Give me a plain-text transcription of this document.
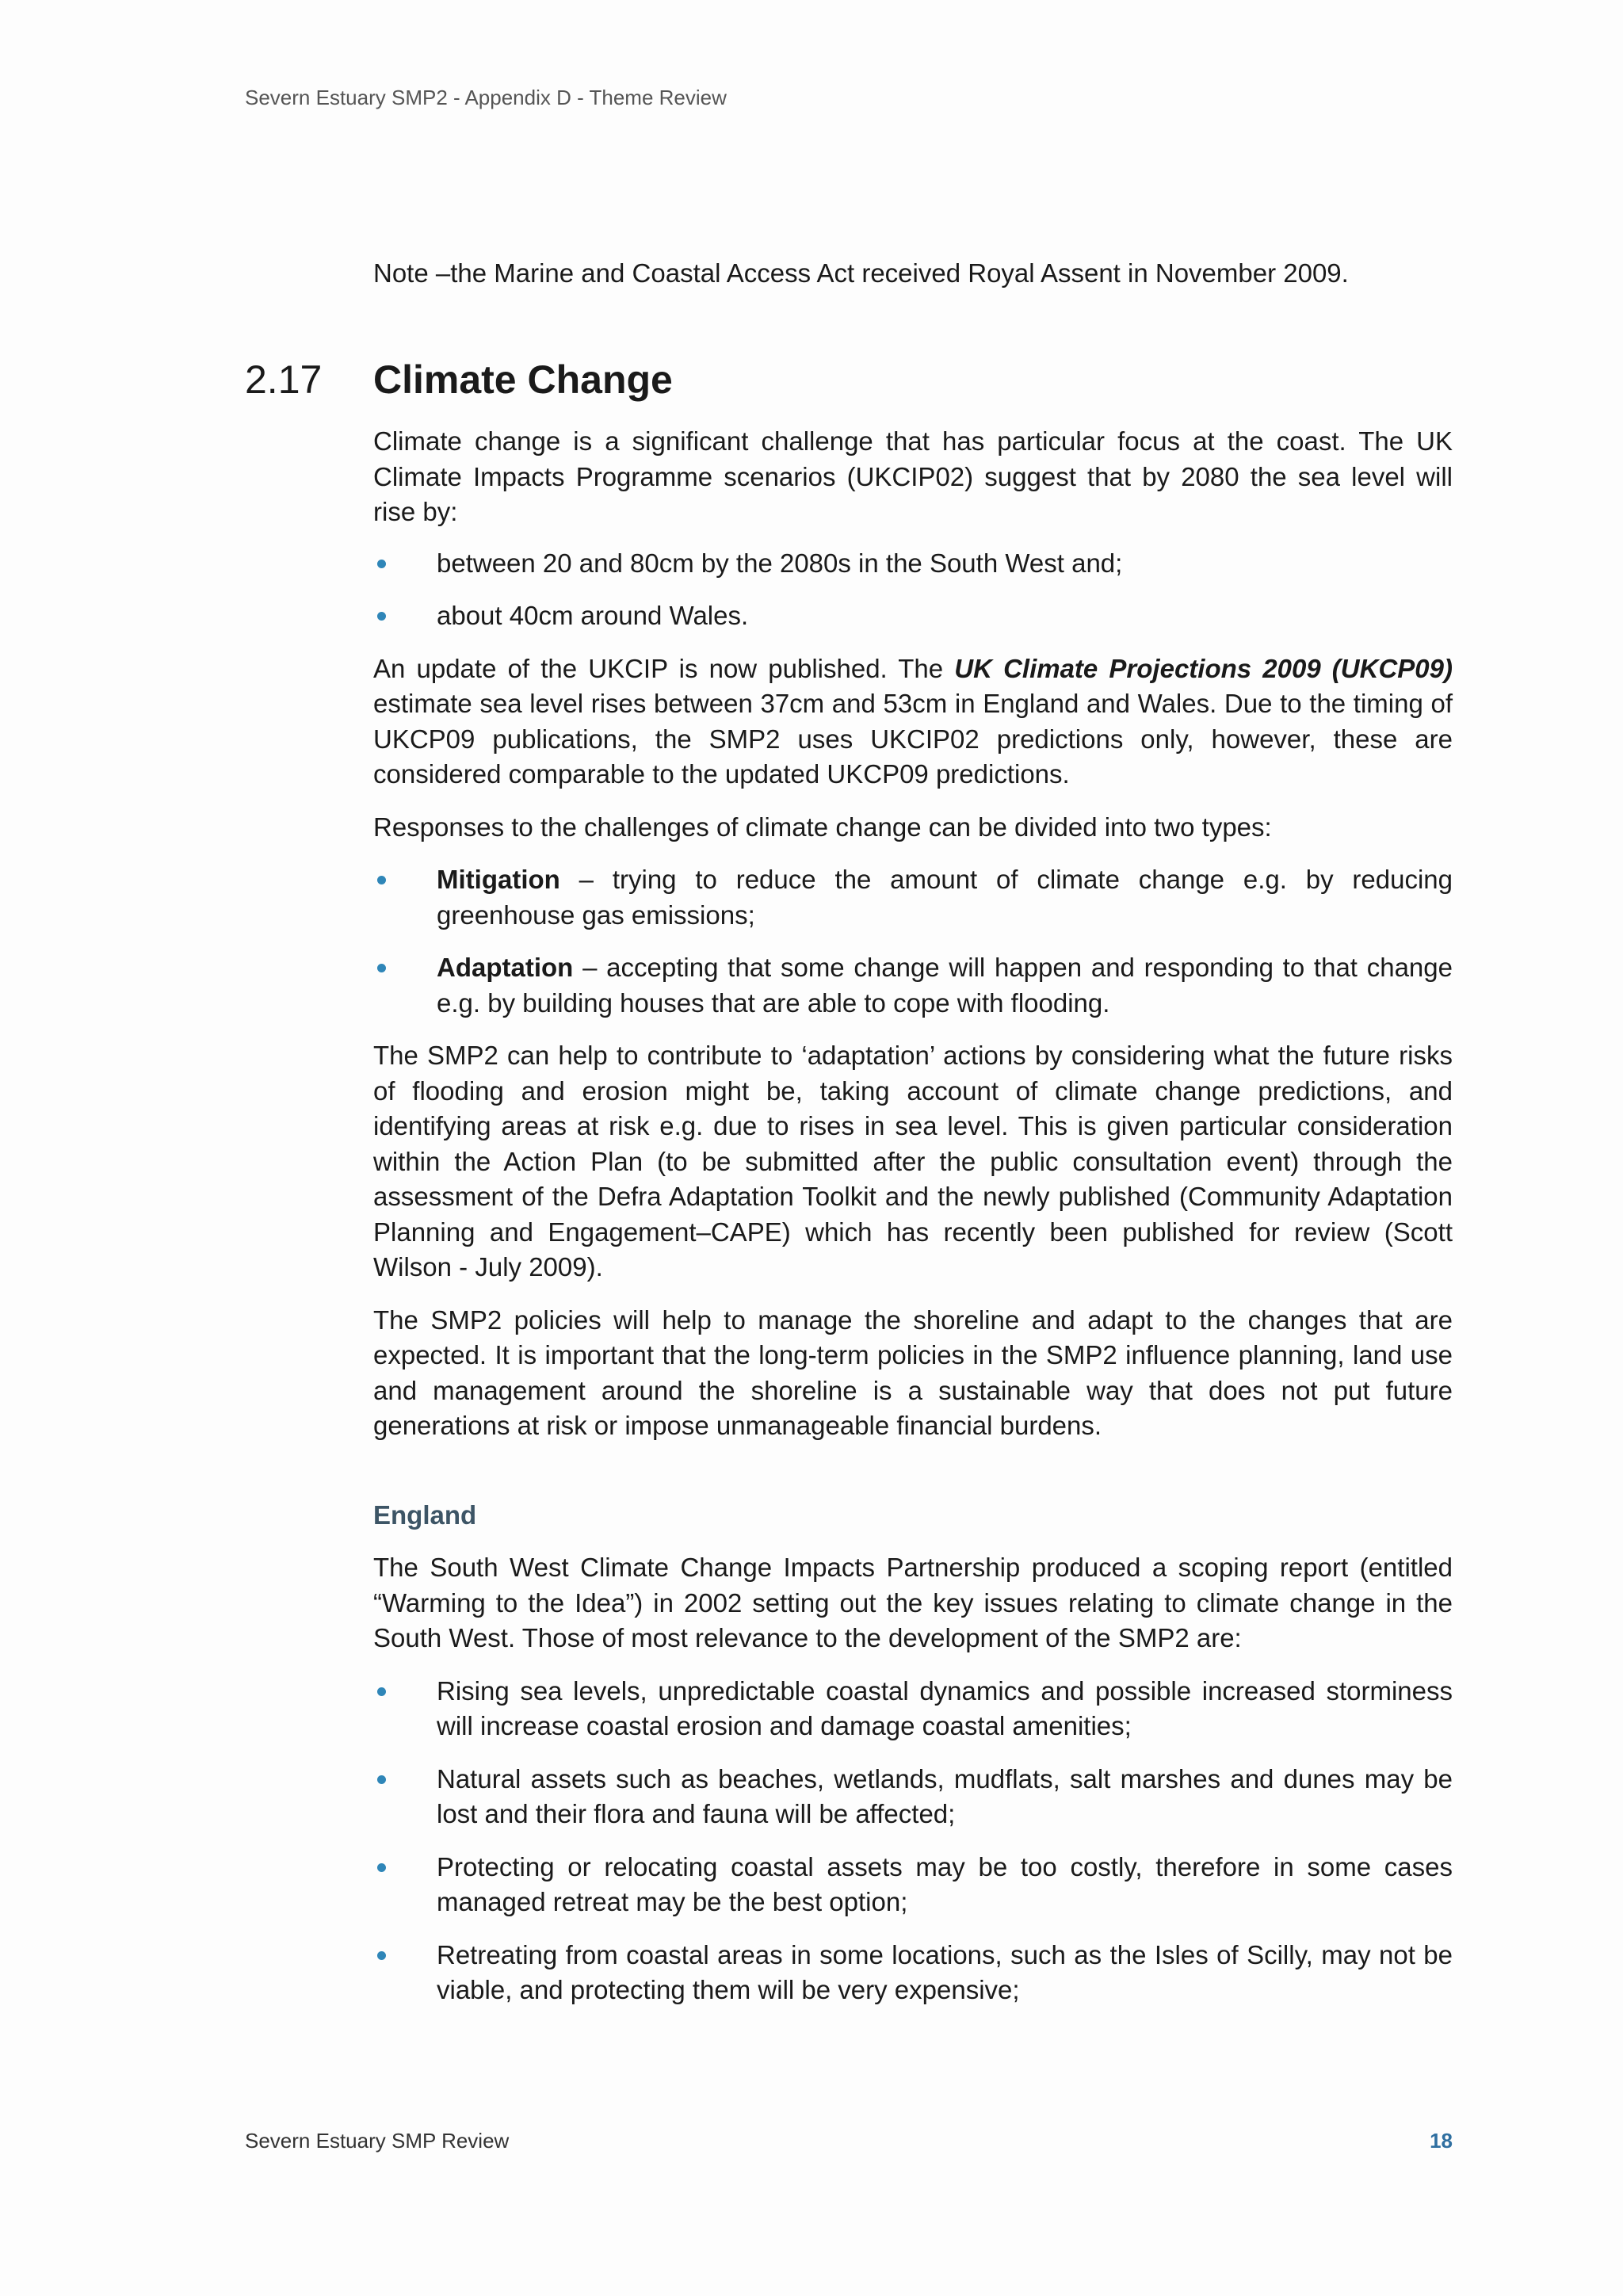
Severn Estuary SMP2 - Appendix D - Theme Review

Note –the Marine and Coastal Access Act received Royal Assent in November 2009.

2.17 Climate Change

Climate change is a significant challenge that has particular focus at the coast. The UK Climate Impacts Programme scenarios (UKCIP02) suggest that by 2080 the sea level will rise by:

between 20 and 80cm by the 2080s in the South West and;
about 40cm around Wales.

An update of the UKCIP is now published. The UK Climate Projections 2009 (UKCP09) estimate sea level rises between 37cm and 53cm in England and Wales. Due to the timing of UKCP09 publications, the SMP2 uses UKCIP02 predictions only, however, these are considered comparable to the updated UKCP09 predictions.

Responses to the challenges of climate change can be divided into two types:

Mitigation – trying to reduce the amount of climate change e.g. by reducing greenhouse gas emissions;
Adaptation – accepting that some change will happen and responding to that change e.g. by building houses that are able to cope with flooding.

The SMP2 can help to contribute to ‘adaptation’ actions by considering what the future risks of flooding and erosion might be, taking account of climate change predictions, and identifying areas at risk e.g. due to rises in sea level. This is given particular consideration within the Action Plan (to be submitted after the public consultation event) through the assessment of the Defra Adaptation Toolkit and the newly published (Community Adaptation Planning and Engagement–CAPE) which has recently been published for review (Scott Wilson - July 2009).

The SMP2 policies will help to manage the shoreline and adapt to the changes that are expected. It is important that the long-term policies in the SMP2 influence planning, land use and management around the shoreline is a sustainable way that does not put future generations at risk or impose unmanageable financial burdens.

England

The South West Climate Change Impacts Partnership produced a scoping report (entitled “Warming to the Idea”) in 2002 setting out the key issues relating to climate change in the South West. Those of most relevance to the development of the SMP2 are:

Rising sea levels, unpredictable coastal dynamics and possible increased storminess will increase coastal erosion and damage coastal amenities;
Natural assets such as beaches, wetlands, mudflats, salt marshes and dunes may be lost and their flora and fauna will be affected;
Protecting or relocating coastal assets may be too costly, therefore in some cases managed retreat may be the best option;
Retreating from coastal areas in some locations, such as the Isles of Scilly, may not be viable, and protecting them will be very expensive;

Severn Estuary SMP Review	18
